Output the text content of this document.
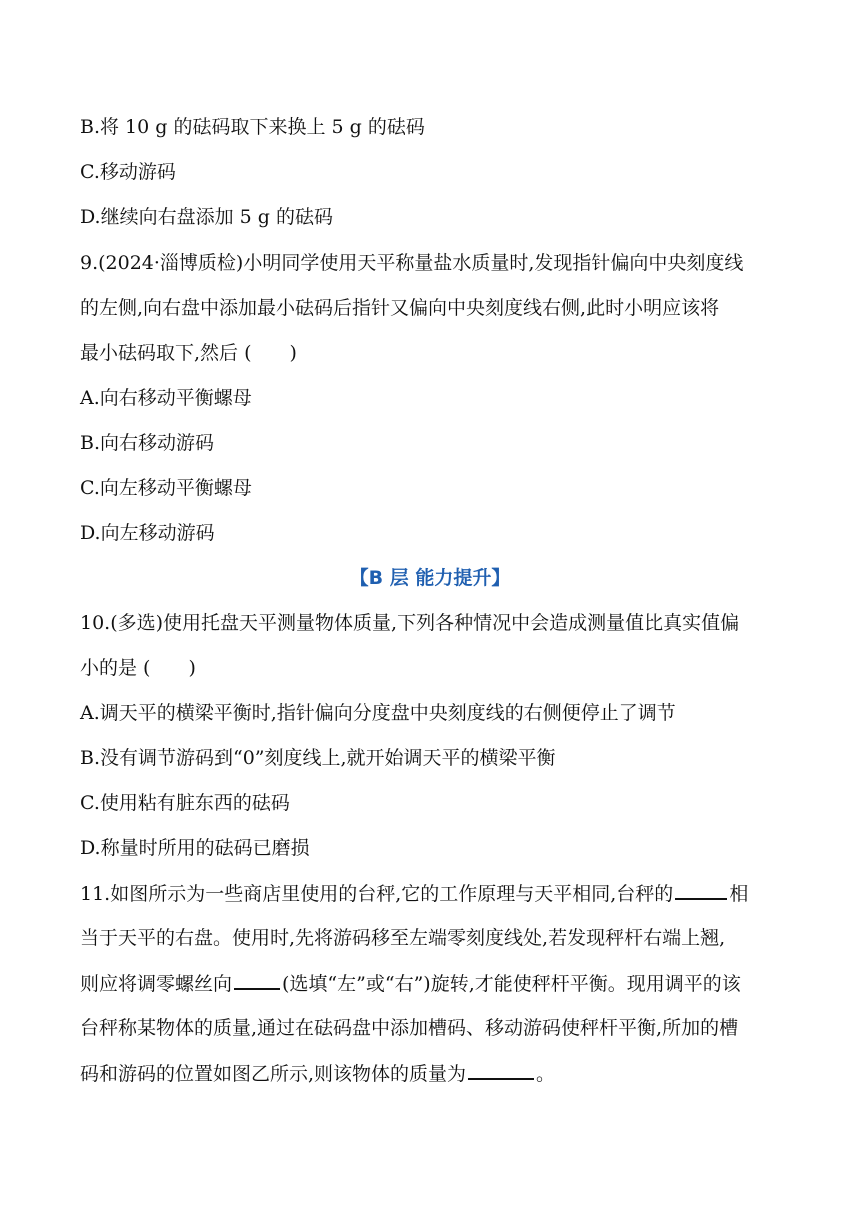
B.将 10 g 的砝码取下来换上 5 g 的砝码
C.移动游码
D.继续向右盘添加 5 g 的砝码
9.(2024·淄博质检)小明同学使用天平称量盐水质量时,发现指针偏向中央刻度线
的左侧,向右盘中添加最小砝码后指针又偏向中央刻度线右侧,此时小明应该将
最小砝码取下,然后 (　　)
A.向右移动平衡螺母
B.向右移动游码
C.向左移动平衡螺母
D.向左移动游码
【B 层 能力提升】
10.(多选)使用托盘天平测量物体质量,下列各种情况中会造成测量值比真实值偏
小的是 (　　)
A.调天平的横梁平衡时,指针偏向分度盘中央刻度线的右侧便停止了调节
B.没有调节游码到“0”刻度线上,就开始调天平的横梁平衡
C.使用粘有脏东西的砝码
D.称量时所用的砝码已磨损
11.如图所示为一些商店里使用的台秤,它的工作原理与天平相同,台秤的	相
当于天平的右盘。使用时,先将游码移至左端零刻度线处,若发现秤杆右端上翘,
则应将调零螺丝向	(选填“左”或“右”)旋转,才能使秤杆平衡。现用调平的该
台秤称某物体的质量,通过在砝码盘中添加槽码、移动游码使秤杆平衡,所加的槽
码和游码的位置如图乙所示,则该物体的质量为	。
